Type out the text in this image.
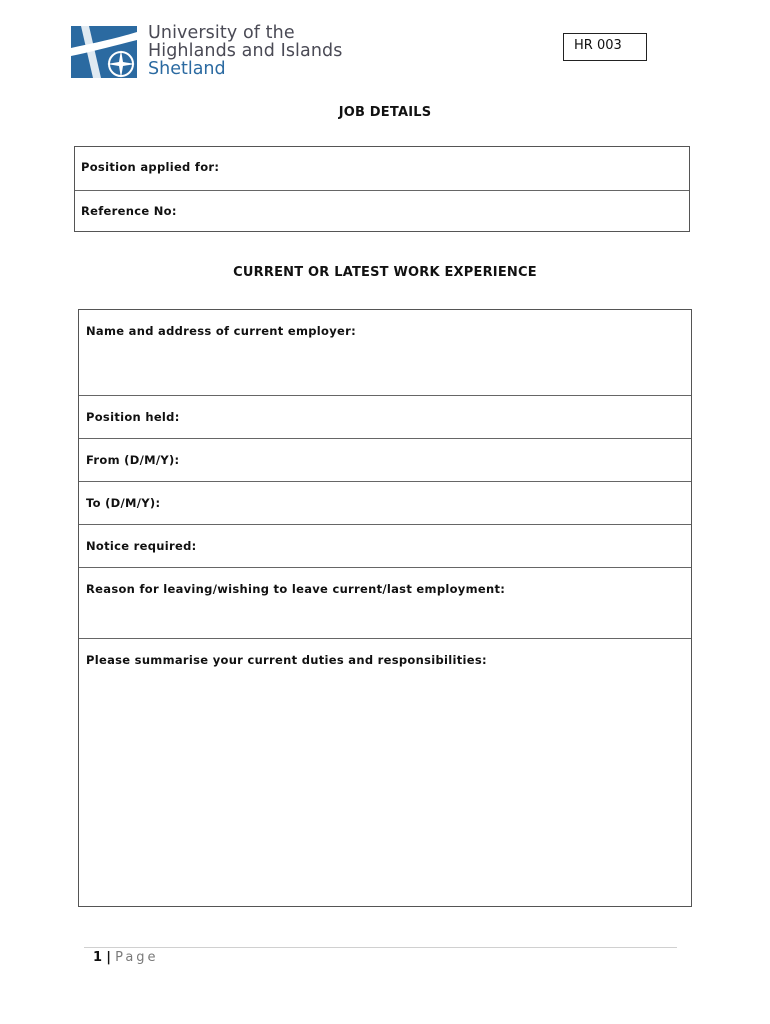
University of the
Highlands and Islands
Shetland
HR 003
JOB DETAILS
Position applied for:
Reference No:
CURRENT OR LATEST WORK EXPERIENCE
Name and address of current employer:
Position held:
From (D/M/Y):
To (D/M/Y):
Notice required:
Reason for leaving/wishing to leave current/last employment:
Please summarise your current duties and responsibilities:
1 | Page
